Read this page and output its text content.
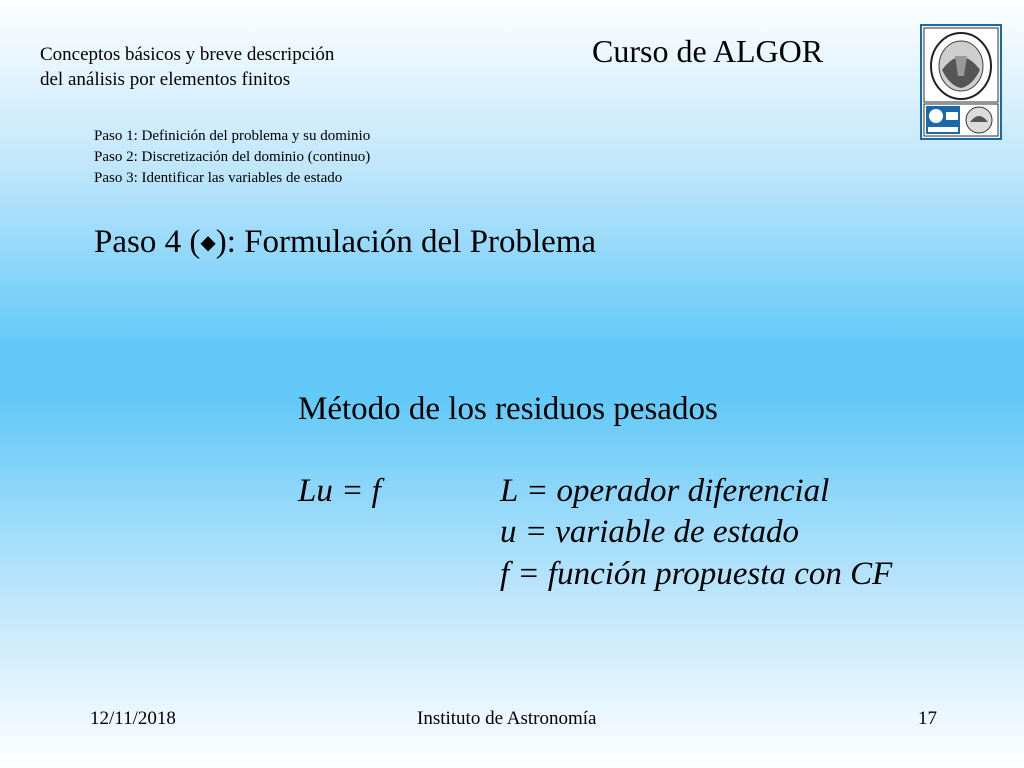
Conceptos básicos y breve descripción
del análisis por elementos finitos
Curso de ALGOR
Paso 1: Definición del problema y su dominio
Paso 2: Discretización del dominio (continuo)
Paso 3: Identificar las variables de estado
Paso 4 (◆): Formulación del Problema
Método de los residuos pesados
Lu = f	L = operador diferencial
u = variable de estado
f = función propuesta con CF
12/11/2018	Instituto de Astronomía	17
